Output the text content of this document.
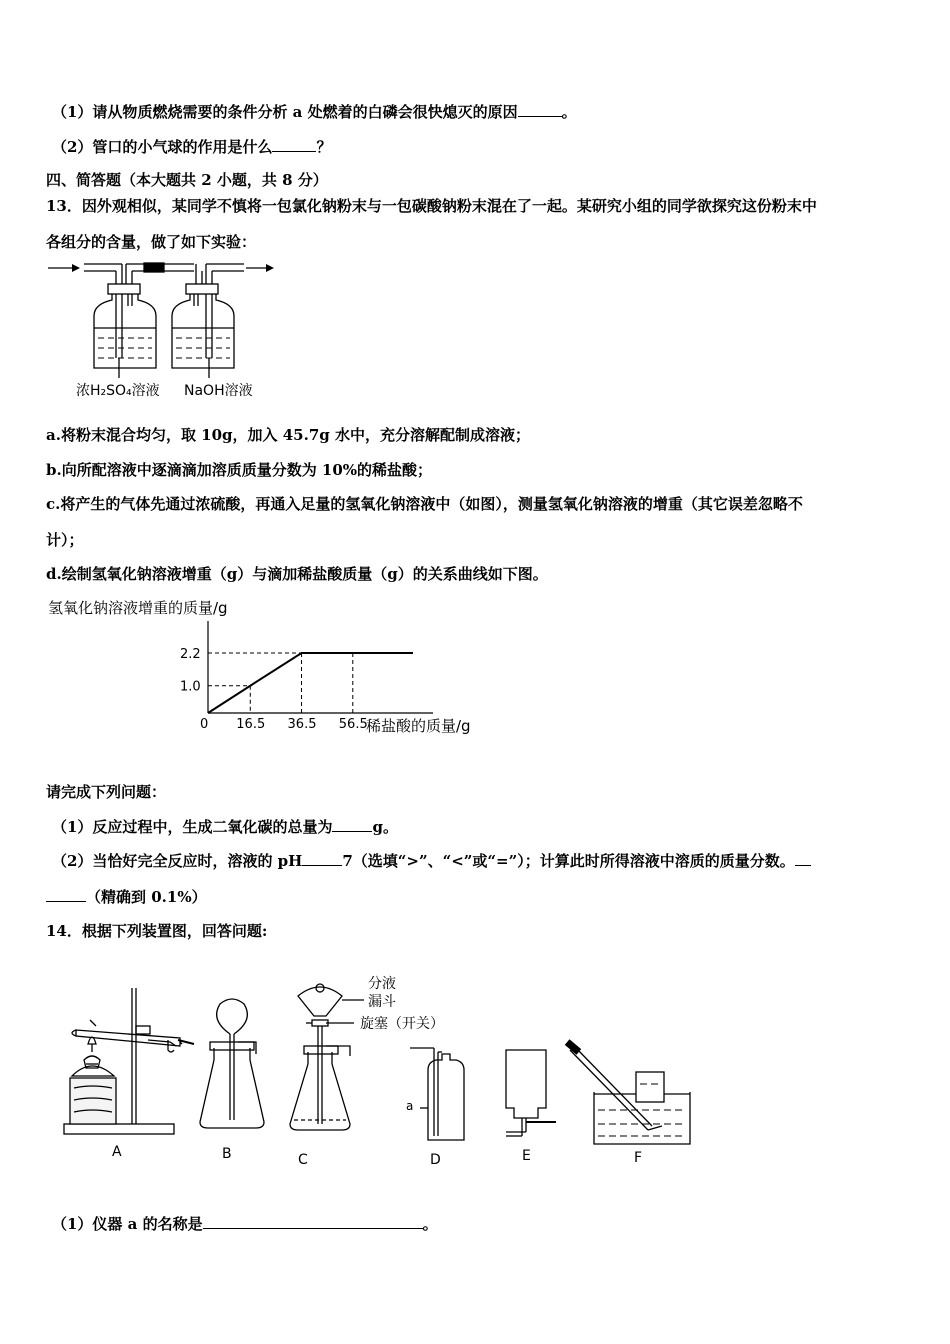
（1）请从物质燃烧需要的条件分析 a 处燃着的白磷会很快熄灭的原因	。
（2）管口的小气球的作用是什么	？
四、简答题（本大题共 2 小题，共 8 分）
13．因外观相似，某同学不慎将一包氯化钠粉末与一包碳酸钠粉末混在了一起。某研究小组的同学欲探究这份粉末中
各组分的含量，做了如下实验：
浓H₂SO₄溶液 NaOH溶液
a.将粉末混合均匀，取 10g，加入 45.7g 水中，充分溶解配制成溶液；
b.向所配溶液中逐滴滴加溶质质量分数为 10%的稀盐酸；
c.将产生的气体先通过浓硫酸，再通入足量的氢氧化钠溶液中（如图），测量氢氧化钠溶液的增重（其它误差忽略不
计）；
d.绘制氢氧化钠溶液增重（g）与滴加稀盐酸质量（g）的关系曲线如下图。
氢氧化钠溶液增重的质量/g
稀盐酸的质量/g
0 16.5 36.5 56.5
1.0
2.2
请完成下列问题：
（1）反应过程中，生成二氧化碳的总量为	g。
（2）当恰好完全反应时，溶液的 pH	7（选填“>”、“<”或“=”）；计算此时所得溶液中溶质的质量分数。
（精确到 0.1%）
14．根据下列装置图，回答问题:
分液
漏斗
旋塞（开关）
a
A	B	C	D	E	F
（1）仪器 a 的名称是	。
